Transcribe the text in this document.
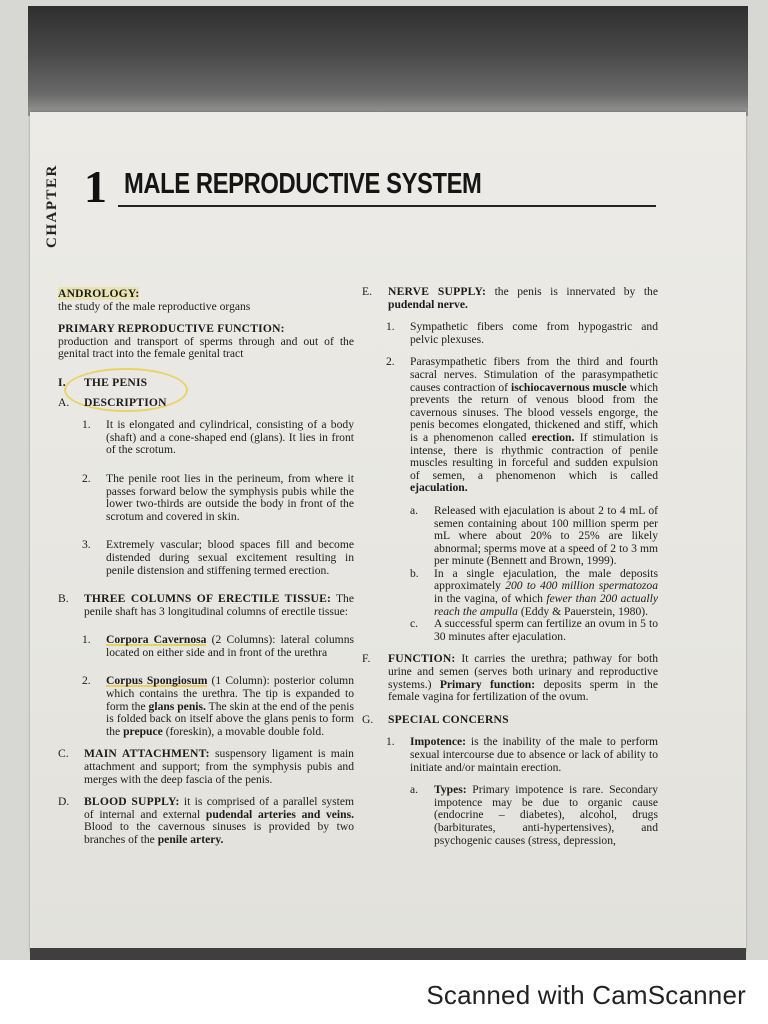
CHAPTER 1 MALE REPRODUCTIVE SYSTEM
ANDROLOGY:
the study of the male reproductive organs
PRIMARY REPRODUCTIVE FUNCTION:
production and transport of sperms through and out of the genital tract into the female genital tract
I.	THE PENIS
A.	DESCRIPTION
1.	It is elongated and cylindrical, consisting of a body (shaft) and a cone-shaped end (glans). It lies in front of the scrotum.
2.	The penile root lies in the perineum, from where it passes forward below the symphysis pubis while the lower two-thirds are outside the body in front of the scrotum and covered in skin.
3.	Extremely vascular; blood spaces fill and become distended during sexual excitement resulting in penile distension and stiffening termed erection.
B.	THREE COLUMNS OF ERECTILE TISSUE: The penile shaft has 3 longitudinal columns of erectile tissue:
1.	Corpora Cavernosa (2 Columns): lateral columns located on either side and in front of the urethra
2.	Corpus Spongiosum (1 Column): posterior column which contains the urethra. The tip is expanded to form the glans penis. The skin at the end of the penis is folded back on itself above the glans penis to form the prepuce (foreskin), a movable double fold.
C.	MAIN ATTACHMENT: suspensory ligament is main attachment and support; from the symphysis pubis and merges with the deep fascia of the penis.
D.	BLOOD SUPPLY: it is comprised of a parallel system of internal and external pudendal arteries and veins. Blood to the cavernous sinuses is provided by two branches of the penile artery.
E.	NERVE SUPPLY: the penis is innervated by the pudendal nerve.
1.	Sympathetic fibers come from hypogastric and pelvic plexuses.
2.	Parasympathetic fibers from the third and fourth sacral nerves. Stimulation of the parasympathetic causes contraction of ischiocavernous muscle which prevents the return of venous blood from the cavernous sinuses. The blood vessels engorge, the penis becomes elongated, thickened and stiff, which is a phenomenon called erection. If stimulation is intense, there is rhythmic contraction of penile muscles resulting in forceful and sudden expulsion of semen, a phenomenon which is called ejaculation.
a.	Released with ejaculation is about 2 to 4 mL of semen containing about 100 million sperm per mL where about 20% to 25% are likely abnormal; sperms move at a speed of 2 to 3 mm per minute (Bennett and Brown, 1999).
b.	In a single ejaculation, the male deposits approximately 200 to 400 million spermatozoa in the vagina, of which fewer than 200 actually reach the ampulla (Eddy & Pauerstein, 1980).
c.	A successful sperm can fertilize an ovum in 5 to 30 minutes after ejaculation.
F.	FUNCTION: It carries the urethra; pathway for both urine and semen (serves both urinary and reproductive systems.) Primary function: deposits sperm in the female vagina for fertilization of the ovum.
G.	SPECIAL CONCERNS
1.	Impotence: is the inability of the male to perform sexual intercourse due to absence or lack of ability to initiate and/or maintain erection.
a.	Types: Primary impotence is rare. Secondary impotence may be due to organic cause (endocrine – diabetes), alcohol, drugs (barbiturates, anti-hypertensives), and psychogenic causes (stress, depression,
Scanned with CamScanner
